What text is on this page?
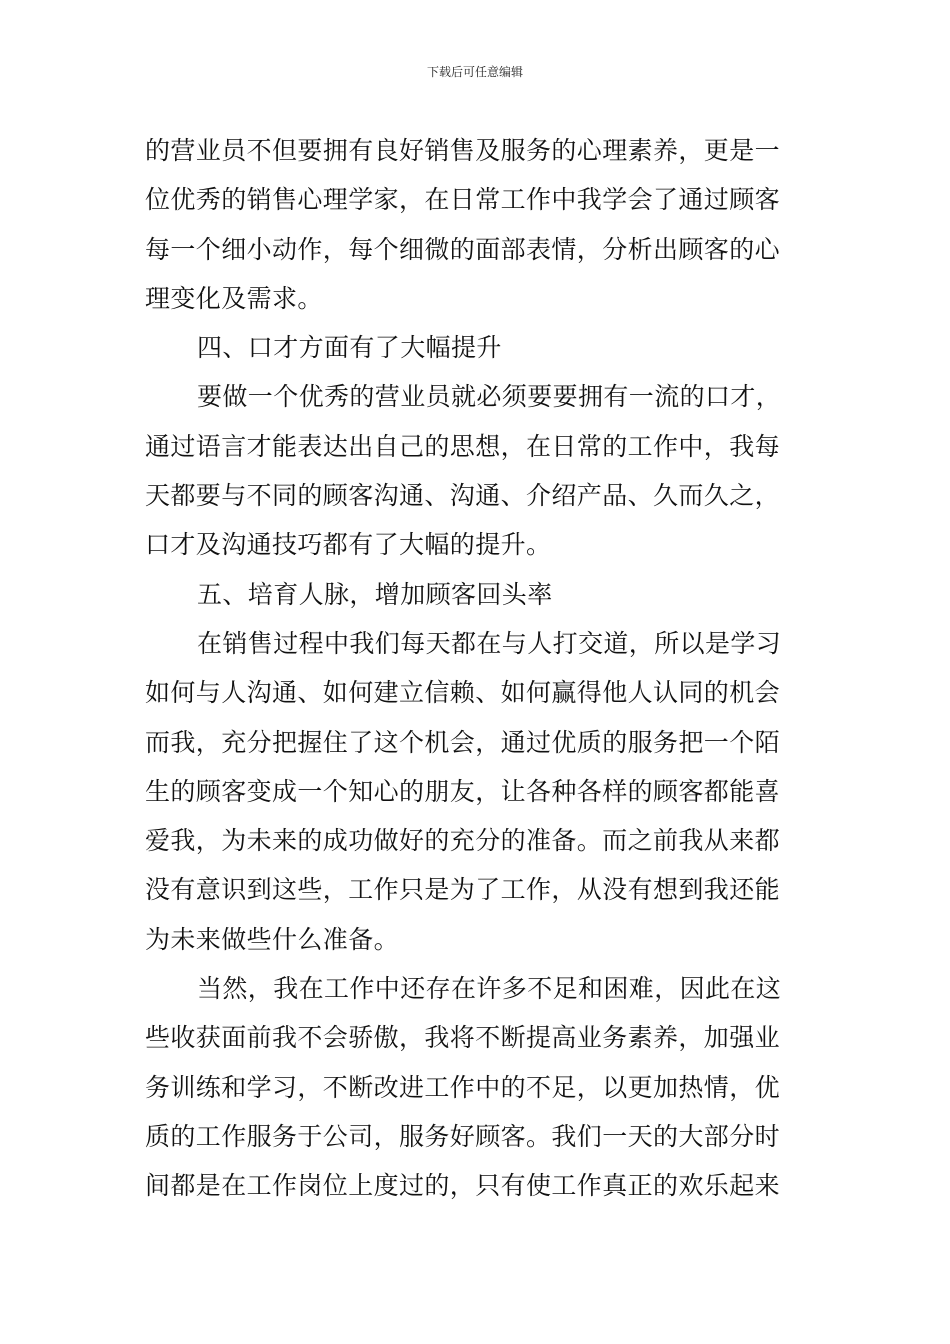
下载后可任意编辑
的营业员不但要拥有良好销售及服务的心理素养，更是一
位优秀的销售心理学家，在日常工作中我学会了通过顾客
每一个细小动作，每个细微的面部表情，分析出顾客的心
理变化及需求。
四、口才方面有了大幅提升
要做一个优秀的营业员就必须要要拥有一流的口才，
通过语言才能表达出自己的思想，在日常的工作中，我每
天都要与不同的顾客沟通、沟通、介绍产品、久而久之，
口才及沟通技巧都有了大幅的提升。
五、培育人脉，增加顾客回头率
在销售过程中我们每天都在与人打交道，所以是学习
如何与人沟通、如何建立信赖、如何赢得他人认同的机会
而我，充分把握住了这个机会，通过优质的服务把一个陌
生的顾客变成一个知心的朋友，让各种各样的顾客都能喜
爱我，为未来的成功做好的充分的准备。而之前我从来都
没有意识到这些，工作只是为了工作，从没有想到我还能
为未来做些什么准备。
当然，我在工作中还存在许多不足和困难，因此在这
些收获面前我不会骄傲，我将不断提高业务素养，加强业
务训练和学习，不断改进工作中的不足，以更加热情，优
质的工作服务于公司，服务好顾客。我们一天的大部分时
间都是在工作岗位上度过的，只有使工作真正的欢乐起来
